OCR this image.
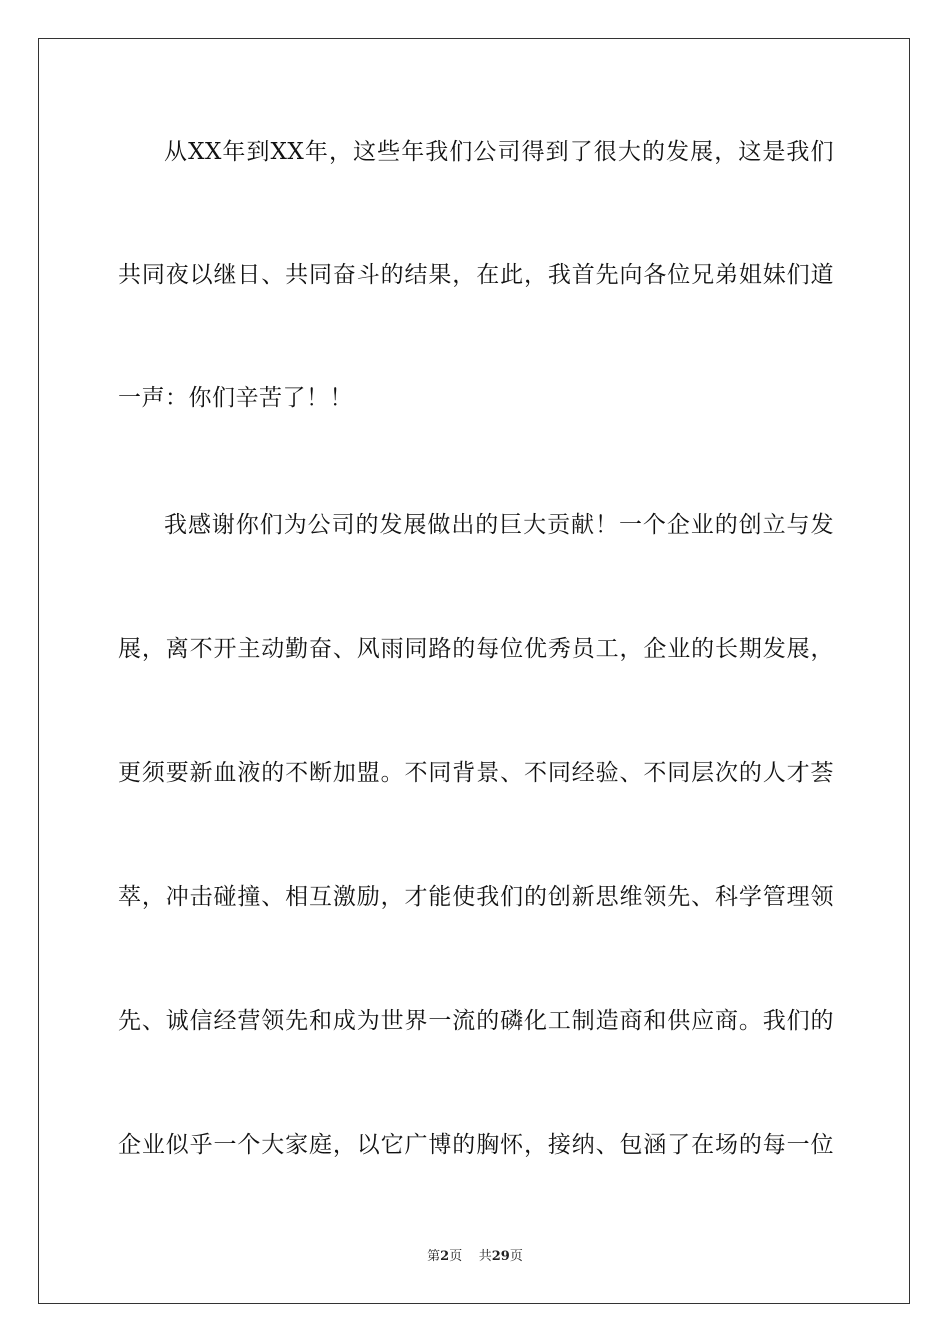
从XX年到XX年，这些年我们公司得到了很大的发展，这是我们
共同夜以继日、共同奋斗的结果，在此，我首先向各位兄弟姐妹们道
一声：你们辛苦了！！
我感谢你们为公司的发展做出的巨大贡献！一个企业的创立与发
展，离不开主动勤奋、风雨同路的每位优秀员工，企业的长期发展，
更须要新血液的不断加盟。不同背景、不同经验、不同层次的人才荟
萃，冲击碰撞、相互激励，才能使我们的创新思维领先、科学管理领
先、诚信经营领先和成为世界一流的磷化工制造商和供应商。我们的
企业似乎一个大家庭，以它广博的胸怀，接纳、包涵了在场的每一位
第2页 共29页
